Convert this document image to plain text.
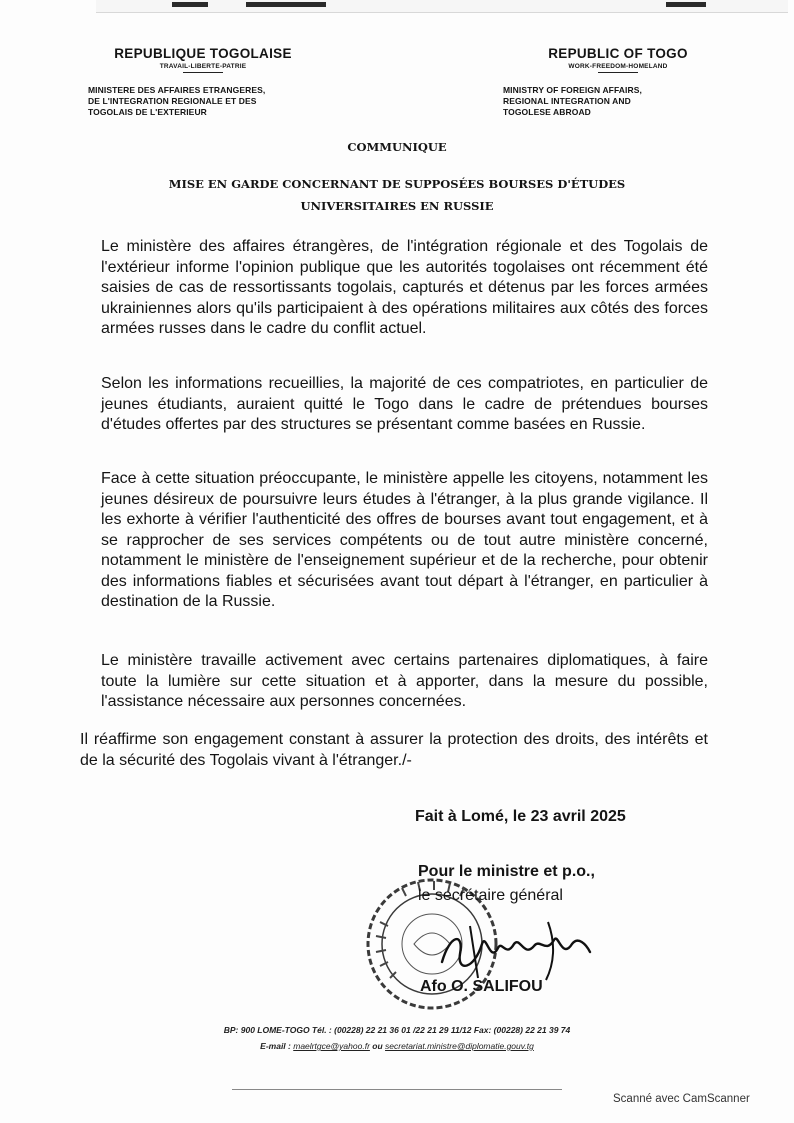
REPUBLIQUE TOGOLAISE
TRAVAIL-LIBERTE-PATRIE
MINISTERE DES AFFAIRES ETRANGERES,
DE L'INTEGRATION REGIONALE ET DES
TOGOLAIS DE L'EXTERIEUR
REPUBLIC OF TOGO
WORK-FREEDOM-HOMELAND
MINISTRY OF FOREIGN AFFAIRS,
REGIONAL INTEGRATION AND
TOGOLESE ABROAD
COMMUNIQUE
MISE EN GARDE CONCERNANT DE SUPPOSÉES BOURSES D'ÉTUDES
UNIVERSITAIRES EN RUSSIE
Le ministère des affaires étrangères, de l'intégration régionale et des Togolais de l'extérieur informe l'opinion publique que les autorités togolaises ont récemment été saisies de cas de ressortissants togolais, capturés et détenus par les forces armées ukrainiennes alors qu'ils participaient à des opérations militaires aux côtés des forces armées russes dans le cadre du conflit actuel.
Selon les informations recueillies, la majorité de ces compatriotes, en particulier de jeunes étudiants, auraient quitté le Togo dans le cadre de prétendues bourses d'études offertes par des structures se présentant comme basées en Russie.
Face à cette situation préoccupante, le ministère appelle les citoyens, notamment les jeunes désireux de poursuivre leurs études à l'étranger, à la plus grande vigilance. Il les exhorte à vérifier l'authenticité des offres de bourses avant tout engagement, et à se rapprocher de ses services compétents ou de tout autre ministère concerné, notamment le ministère de l'enseignement supérieur et de la recherche, pour obtenir des informations fiables et sécurisées avant tout départ à l'étranger, en particulier à destination de la Russie.
Le ministère travaille activement avec certains partenaires diplomatiques, à faire toute la lumière sur cette situation et à apporter, dans la mesure du possible, l'assistance nécessaire aux personnes concernées.
Il réaffirme son engagement constant à assurer la protection des droits, des intérêts et de la sécurité des Togolais vivant à l'étranger./-
Fait à Lomé, le 23 avril 2025
Pour le ministre et p.o.,
le secrétaire général
Afo O. SALIFOU
BP: 900 LOME-TOGO Tél. : (00228) 22 21 36 01 /22 21 29 11/12 Fax: (00228) 22 21 39 74
E-mail : maelrtgce@yahoo.fr ou secretariat.ministre@diplomatie.gouv.tg
Scanné avec CamScanner
